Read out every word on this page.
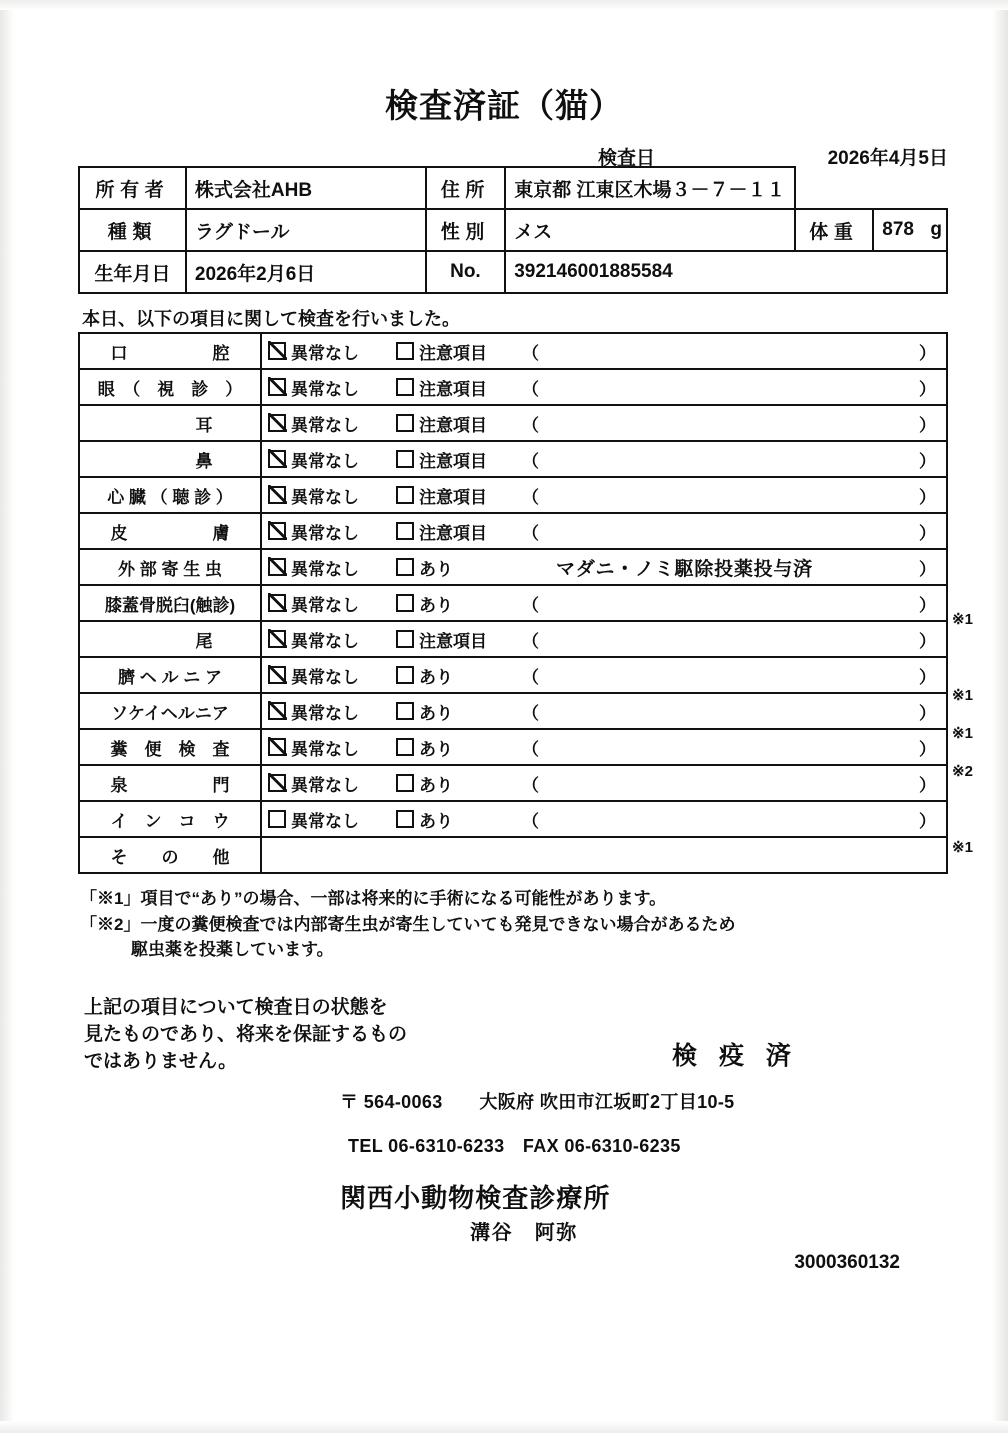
検査済証（猫）
検査日	2026年4月5日
所有者	株式会社AHB	住所	東京都 江東区木場３－７－１１		
種類	ラグドール	性別	メス	体重	878 g
生年月日	2026年2月6日	No.	392146001885584		
本日、以下の項目に関して検査を行いました。
口　　　　　腔	異常なし 注意項目 （ ）

眼　（　視　診　）	異常なし 注意項目 （ ）

　　　　耳	異常なし 注意項目 （ ）

　　　　鼻	異常なし 注意項目 （ ）

心 臓 （ 聴 診 ）	異常なし 注意項目 （ ）

皮　　　　　膚	異常なし 注意項目 （ ）

外 部 寄 生 虫	異常なし あり マダニ・ノミ駆除投薬投与済 ）

膝蓋骨脱臼(触診)	異常なし あり （ ）

　　　　尾	異常なし 注意項目 （ ）

臍 ヘ ル ニ ア	異常なし あり （ ）

ソケイヘルニア	異常なし あり （ ）

糞　便　検　査	異常なし あり （ ）

泉　　　　　門	異常なし あり （ ）

イ　ン　コ　ウ	異常なし あり （ ）

そ　　の　　他	
「※1」項目で“あり”の場合、一部は将来的に手術になる可能性があります。
「※2」一度の糞便検査では内部寄生虫が寄生していても発見できない場合があるため
　　　駆虫薬を投薬しています。
上記の項目について検査日の状態を
見たものであり、将来を保証するもの
ではありません。	検 疫 済
〒 564-0063　　大阪府 吹田市江坂町2丁目10-5
TEL 06-6310-6233　FAX 06-6310-6235
関西小動物検査診療所
溝谷　阿弥
3000360132
※1
※1
※1
※2
※1
